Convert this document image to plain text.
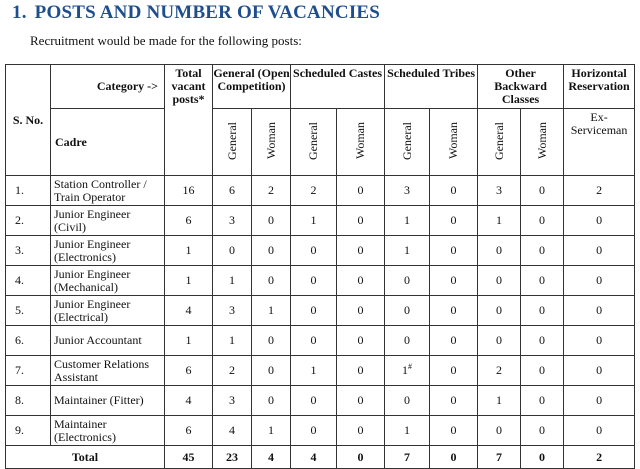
1. POSTS AND NUMBER OF VACANCIES

Recruitment would be made for the following posts:

S. No.	Category ->	Total vacant posts*	General (Open Competition)		Scheduled Castes		Scheduled Tribes		Other Backward Classes		Horizontal Reservation
	Cadre		General	Woman	General	Woman	General	Woman	General	Woman	Ex-Serviceman
1.	Station Controller / Train Operator	16	6	2	2	0	3	0	3	0	2
2.	Junior Engineer (Civil)	6	3	0	1	0	1	0	1	0	0
3.	Junior Engineer (Electronics)	1	0	0	0	0	1	0	0	0	0
4.	Junior Engineer (Mechanical)	1	1	0	0	0	0	0	0	0	0
5.	Junior Engineer (Electrical)	4	3	1	0	0	0	0	0	0	0
6.	Junior Accountant	1	1	0	0	0	0	0	0	0	0
7.	Customer Relations Assistant	6	2	0	1	0	1#	0	2	0	0
8.	Maintainer (Fitter)	4	3	0	0	0	0	0	1	0	0
9.	Maintainer (Electronics)	6	4	1	0	0	1	0	0	0	0
Total		45	23	4	4	0	7	0	7	0	2
